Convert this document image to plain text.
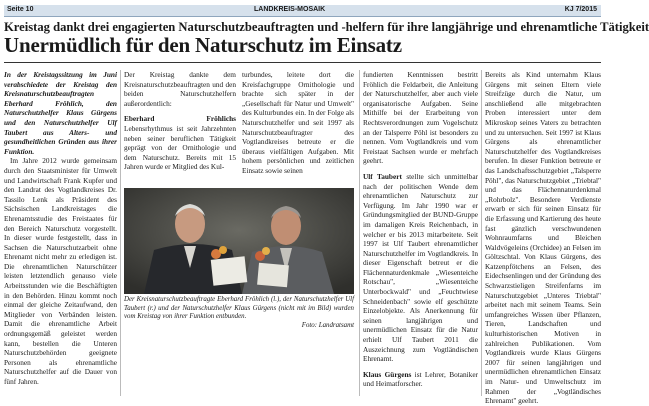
Seite 10	LANDKREIS-MOSAIK	KJ 7/2015
Kreistag dankt drei engagierten Naturschutzbeauftragten und -helfern für ihre langjährige und ehrenamtliche Tätigkeit
Unermüdlich für den Naturschutz im Einsatz

In der Kreistagssitzung im Juni verabschiedete der Kreistag den Kreisnaturschutzbeauftragten Eberhard Fröhlich, den Naturschutzhelfer Klaus Gürgens und den Naturschutzhelfer Ulf Taubert aus Alters- und gesundheitlichen Gründen aus ihrer Funktion.

Im Jahre 2012 wurde gemeinsam durch den Staatsminister für Umwelt und Landwirtschaft Frank Kupfer und den Landrat des Vogtlandkreises Dr. Tassilo Lenk als Präsident des Sächsischen Landkreistages die Ehrenamtsstudie des Freistaates für den Bereich Naturschutz vorgestellt. In dieser wurde festgestellt, dass in Sachsen die Naturschutzarbeit ohne Ehrenamt nicht mehr zu erledigen ist. Die ehrenamtlichen Naturschützer leisten letztendlich genauso viele Arbeitsstunden wie die Beschäftigten in den Behörden. Hinzu kommt noch einmal der gleiche Zeitaufwand, den Mitglieder von Verbänden leisten. Damit die ehrenamtliche Arbeit ordnungsgemäß geleistet werden kann, bestellen die Unteren Naturschutzbehörden geeignete Personen als ehrenamtliche Naturschutzhelfer auf die Dauer von fünf Jahren.

Der Kreistag dankte dem Kreisnaturschutzbeauftragten und den beiden Naturschutzhelfern außerordentlich:

Eberhard Fröhlichs Lebensrhythmus ist seit Jahrzehnten neben seiner beruflichen Tätigkeit geprägt von der Ornithologie und dem Naturschutz. Bereits mit 15 Jahren wurde er Mitglied des Kul-

turbundes, leitete dort die Kreisfachgruppe Ornithologie und brachte sich später in der „Gesellschaft für Natur und Umwelt" des Kulturbundes ein. In der Folge als Naturschutzhelfer und seit 1997 als Naturschutzbeauftragter des Vogtlandkreises betreute er die überaus vielfältigen Aufgaben. Mit hohem persönlichen und zeitlichen Einsatz sowie seinen

Der Kreisnaturschutzbeauftragte Eberhard Fröhlich (l.), der Naturschutzhelfer Ulf Taubert (r.) und der Naturschutzhelfer Klaus Gürgens (nicht mit im Bild) wurden vom Kreistag von ihrer Funktion entbunden.
Foto: Landratsamt

fundierten Kenntnissen bestritt Fröhlich die Feldarbeit, die Anleitung der Naturschutzhelfer, aber auch viele organisatorische Aufgaben. Seine Mithilfe bei der Erarbeitung von Rechtsverordnungen zum Vogelschutz an der Talsperre Pöhl ist besonders zu nennen. Vom Vogtlandkreis und vom Freistaat Sachsen wurde er mehrfach geehrt.

Ulf Taubert stellte sich unmittelbar nach der politischen Wende dem ehrenamtlichen Naturschutz zur Verfügung. Im Jahr 1990 war er Gründungsmitglied der BUND-Gruppe im damaligen Kreis Reichenbach, in welcher er bis 2013 mitarbeitete. Seit 1997 ist Ulf Taubert ehrenamtlicher Naturschutzhelfer im Vogtlandkreis. In dieser Eigenschaft betreut er die Flächennaturdenkmale „Wiesenteiche Rotschau", „Wiesenteiche Unterbockwald" und „Feuchtwiese Schneidenbach" sowie elf geschützte Einzelobjekte. Als Anerkennung für seinen langjährigen und unermüdlichen Einsatz für die Natur erhielt Ulf Taubert 2011 die Auszeichnung zum Vogtländischen Ehrenamt.

Klaus Gürgens ist Lehrer, Botaniker und Heimatforscher.

Bereits als Kind unternahm Klaus Gürgens mit seinen Eltern viele Streifzüge durch die Natur, um anschließend alle mitgebrachten Proben interessiert unter dem Mikroskop seines Vaters zu betrachten und zu untersuchen. Seit 1997 ist Klaus Gürgens als ehrenamtlicher Naturschutzhelfer des Vogtlandkreises berufen. In dieser Funktion betreute er das Landschaftsschutzgebiet „Talsperre Pöhl", das Naturschutzgebiet „Triebtal" und das Flächennaturdenkmal „Rohrbolz". Besondere Verdienste erwarb er sich für seinen Einsatz für die Erfassung und Kartierung des heute fast gänzlich verschwundenen Wohnraumfarns und Bleichen Waldvögeleins (Orchidee) an Felsen im Göltzschtal. Von Klaus Gürgens, des Katzenpfötchens an Felsen, des Eidechsenlingen und der Gründung des Schwarzstieligen Streifenfarns im Naturschutzgebiet „Unteres Triebtal" arbeitet nach mit seinem Teams. Sein umfangreiches Wissen über Pflanzen, Tieren, Landschaften und kulturhistorischen Motiven in zahlreichen Publikationen. Vom Vogtlandkreis wurde Klaus Gürgens 2007 für seinen langjährigen und unermüdlichen ehrenamtlichen Einsatz im Natur- und Umweltschutz im Rahmen der „Vogtländisches Ehrenamt" geehrt.
